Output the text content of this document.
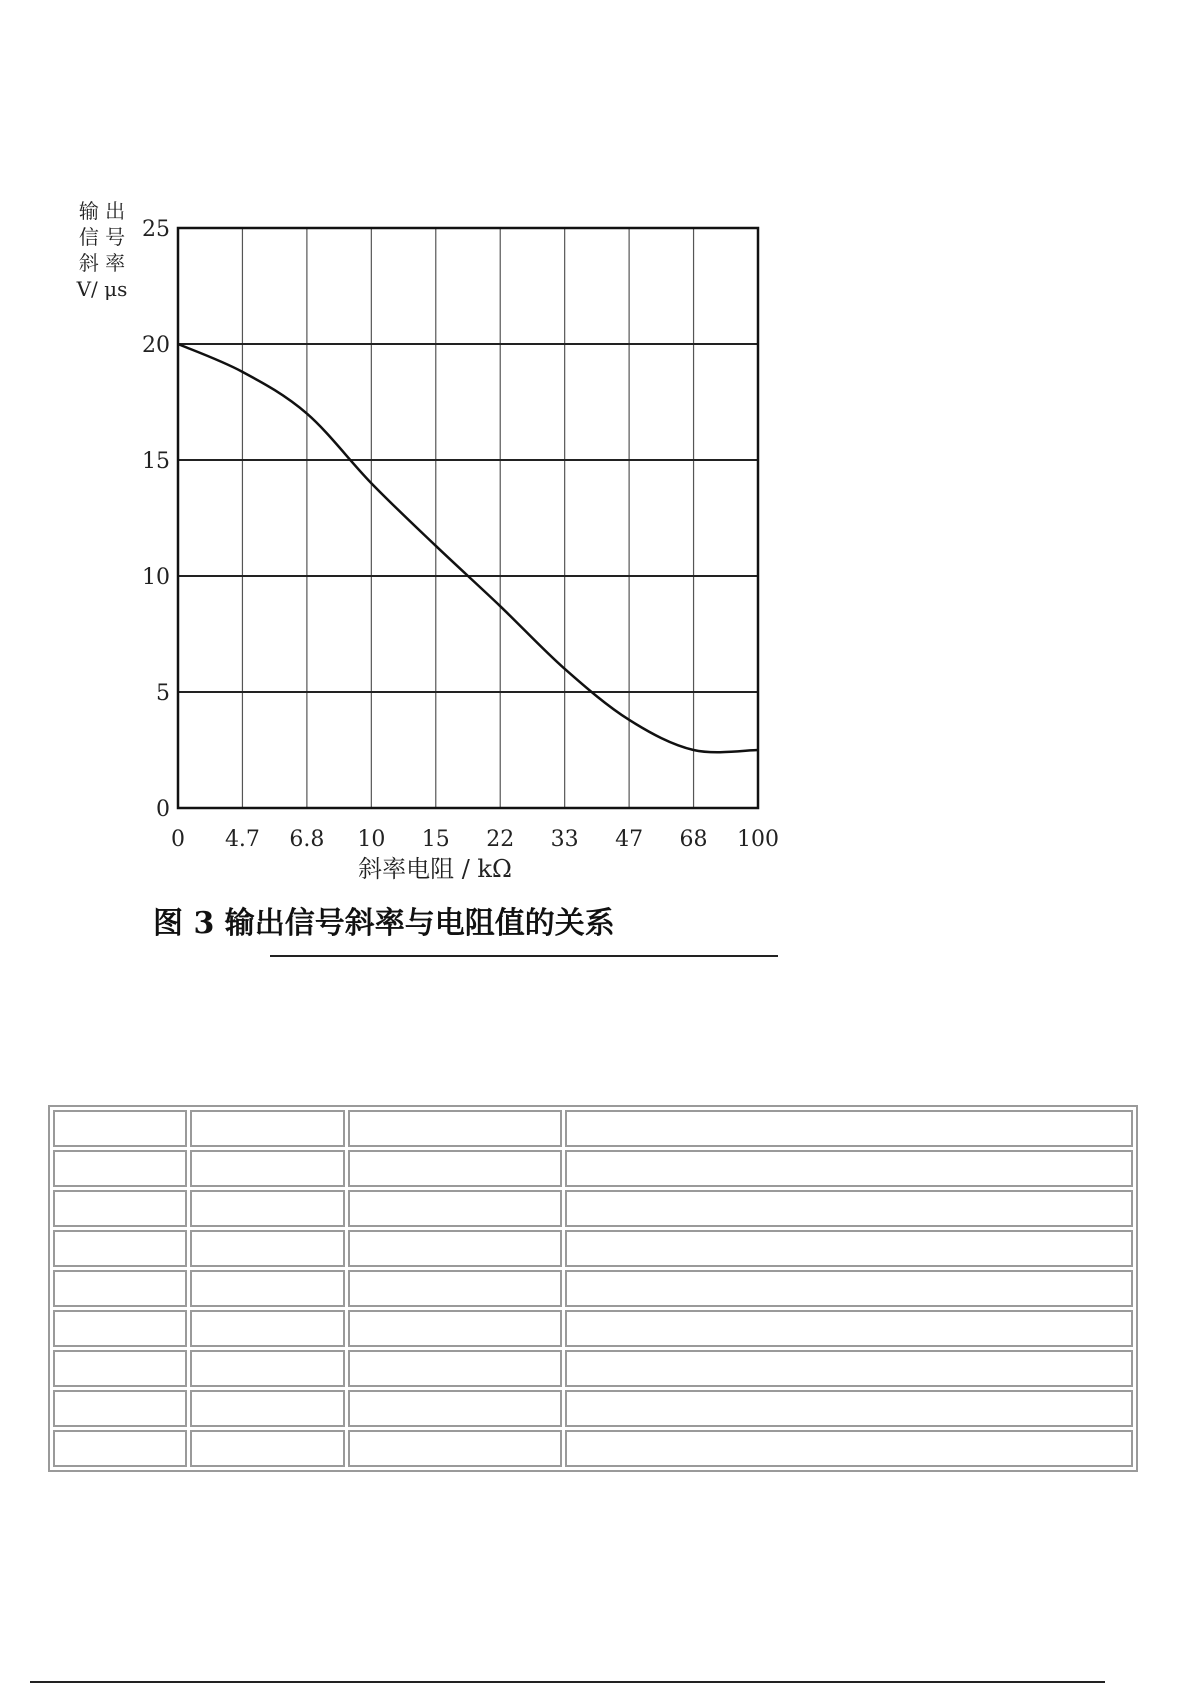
0
5
10
15
20
25
0 4.7 6.8 10 15 22 33 47 68 100
输 出
信 号
斜 率
V/ μs
斜率电阻 / kΩ
图 3 输出信号斜率与电阻值的关系
